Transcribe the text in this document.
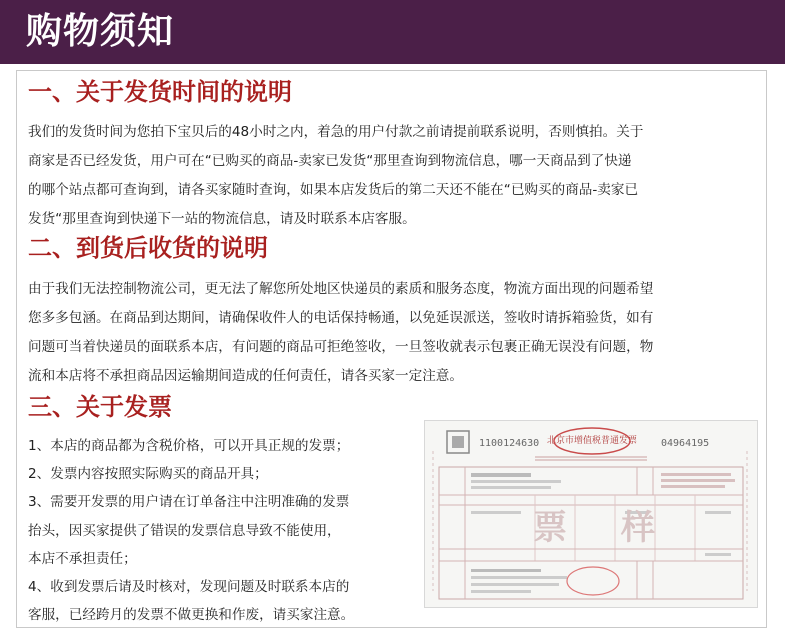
购物须知
一、关于发货时间的说明
我们的发货时间为您拍下宝贝后的48小时之内，着急的用户付款之前请提前联系说明，否则慎拍。关于
商家是否已经发货，用户可在“已购买的商品-卖家已发货“那里查询到物流信息，哪一天商品到了快递
的哪个站点都可查询到，请各买家随时查询，如果本店发货后的第二天还不能在“已购买的商品-卖家已
发货“那里查询到快递下一站的物流信息，请及时联系本店客服。
二、到货后收货的说明
由于我们无法控制物流公司，更无法了解您所处地区快递员的素质和服务态度，物流方面出现的问题希望
您多多包涵。在商品到达期间，请确保收件人的电话保持畅通，以免延误派送，签收时请拆箱验货，如有
问题可当着快递员的面联系本店，有问题的商品可拒绝签收，一旦签收就表示包裹正确无误没有问题，物
流和本店将不承担商品因运输期间造成的任何责任，请各买家一定注意。
三、关于发票
1、本店的商品都为含税价格，可以开具正规的发票；
2、发票内容按照实际购买的商品开具；
3、需要开发票的用户请在订单备注中注明准确的发票
抬头，因买家提供了错误的发票信息导致不能使用，
本店不承担责任；
4、收到发票后请及时核对，发现问题及时联系本店的
客服，已经跨月的发票不做更换和作废，请买家注意。
1100124630 北京市增值税普通发票 04964195
票 样
